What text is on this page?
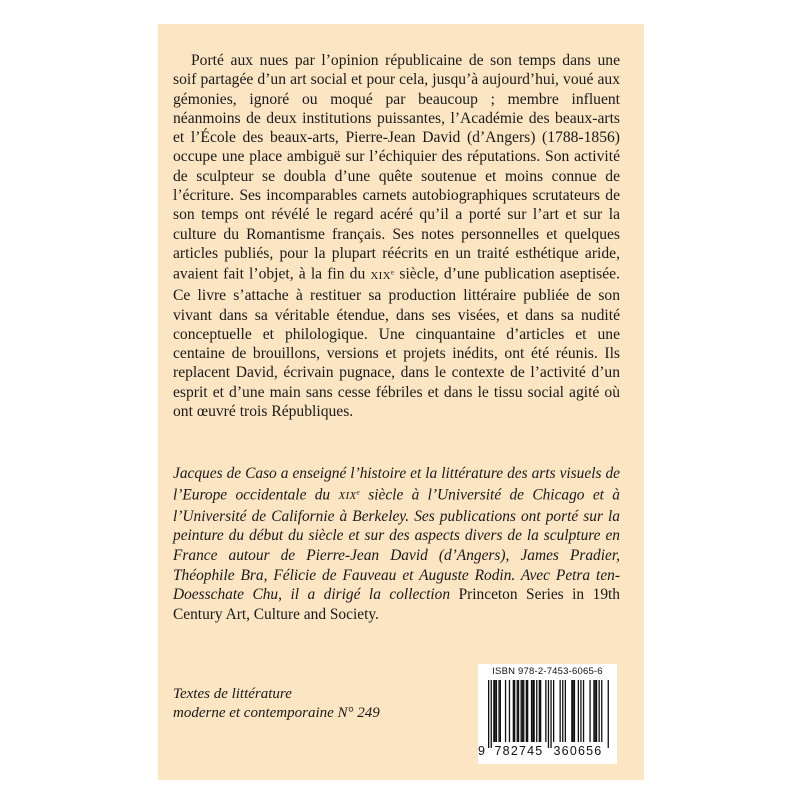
Porté aux nues par l’opinion républicaine de son temps dans une soif partagée d’un art social et pour cela, jusqu’à aujourd’hui, voué aux gémonies, ignoré ou moqué par beaucoup ; membre influent néanmoins de deux institutions puissantes, l’Académie des beaux-arts et l’École des beaux-arts, Pierre-Jean David (d’Angers) (1788-1856) occupe une place ambiguë sur l’échiquier des réputations. Son activité de sculpteur se doubla d’une quête soutenue et moins connue de l’écriture. Ses incomparables carnets autobiographiques scrutateurs de son temps ont révélé le regard acéré qu’il a porté sur l’art et sur la culture du Romantisme français. Ses notes personnelles et quelques articles publiés, pour la plupart réécrits en un traité esthétique aride, avaient fait l’objet, à la fin du XIXe siècle, d’une publication aseptisée. Ce livre s’attache à restituer sa production littéraire publiée de son vivant dans sa véritable étendue, dans ses visées, et dans sa nudité conceptuelle et philologique. Une cinquantaine d’articles et une centaine de brouillons, versions et projets inédits, ont été réunis. Ils replacent David, écrivain pugnace, dans le contexte de l’activité d’un esprit et d’une main sans cesse fébriles et dans le tissu social agité où ont œuvré trois Républiques.

Jacques de Caso a enseigné l’histoire et la littérature des arts visuels de l’Europe occidentale du XIXe siècle à l’Université de Chicago et à l’Université de Californie à Berkeley. Ses publications ont porté sur la peinture du début du siècle et sur des aspects divers de la sculpture en France autour de Pierre-Jean David (d’Angers), James Pradier, Théophile Bra, Félicie de Fauveau et Auguste Rodin. Avec Petra ten-Doesschate Chu, il a dirigé la collection Princeton Series in 19th Century Art, Culture and Society.

Textes de littérature
moderne et contemporaine N° 249
ISBN 978-2-7453-6065-6
9 782745 360656
